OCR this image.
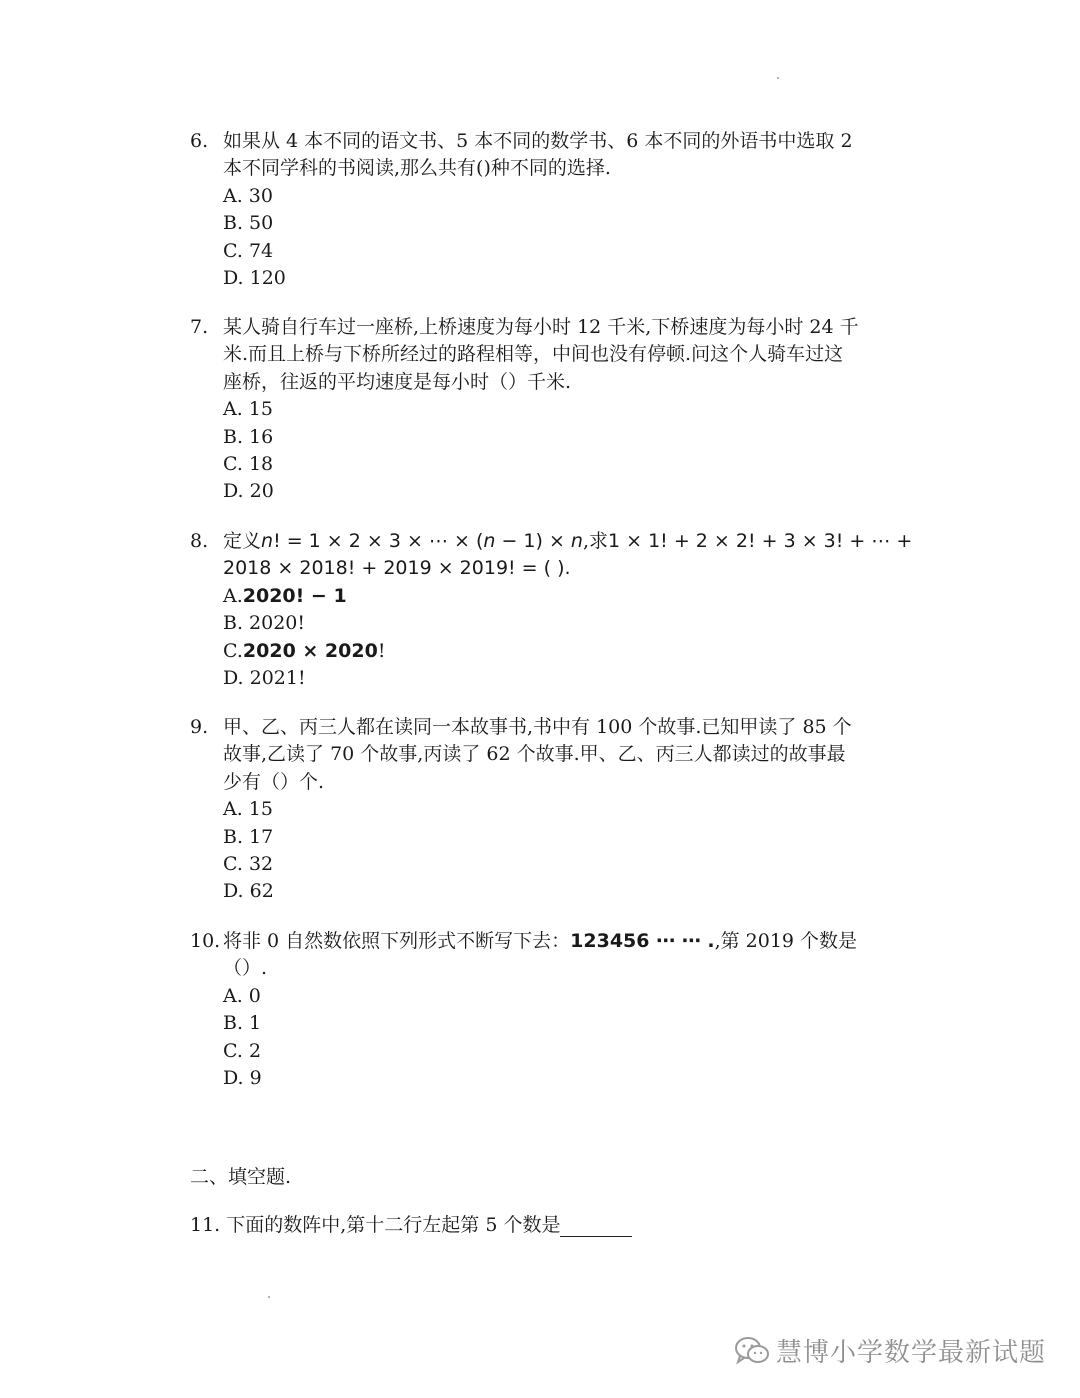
6. 如果从 4 本不同的语文书、5 本不同的数学书、6 本不同的外语书中选取 2
本不同学科的书阅读,那么共有()种不同的选择.
A. 30
B. 50
C. 74
D. 120
7. 某人骑自行车过一座桥,上桥速度为每小时 12 千米,下桥速度为每小时 24 千
米.而且上桥与下桥所经过的路程相等，中间也没有停顿.问这个人骑车过这
座桥，往返的平均速度是每小时（）千米.
A. 15
B. 16
C. 18
D. 20
8. 定义n! = 1 × 2 × 3 × ⋯ × (n − 1) × n,求1 × 1! + 2 × 2! + 3 × 3! + ⋯ +
2018 × 2018! + 2019 × 2019! = ( ).
A.2020! − 1
B. 2020!
C.2020 × 2020!
D. 2021!
9. 甲、乙、丙三人都在读同一本故事书,书中有 100 个故事.已知甲读了 85 个
故事,乙读了 70 个故事,丙读了 62 个故事.甲、乙、丙三人都读过的故事最
少有（）个.
A. 15
B. 17
C. 32
D. 62
10. 将非 0 自然数依照下列形式不断写下去：123456 ⋯ ⋯ .,第 2019 个数是
（）.
A. 0
B. 1
C. 2
D. 9
二、填空题.
11. 下面的数阵中,第十二行左起第 5 个数是
慧博小学数学最新试题
